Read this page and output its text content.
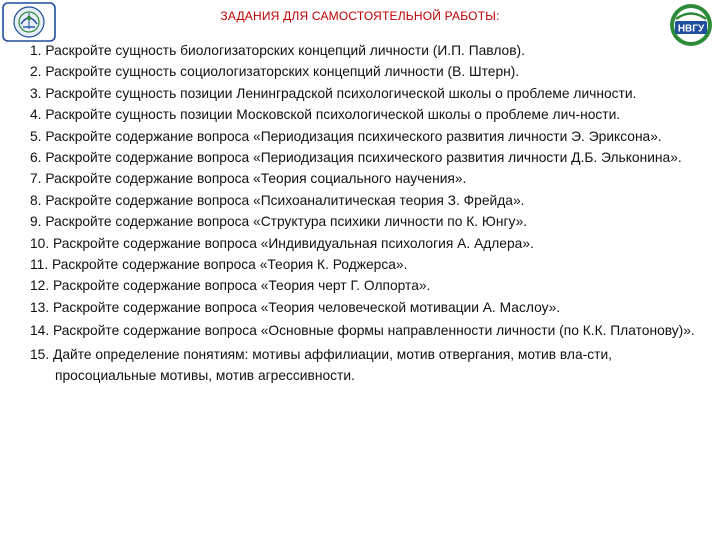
ЗАДАНИЯ ДЛЯ САМОСТОЯТЕЛЬНОЙ РАБОТЫ:
НВГУ

1. Раскройте сущность биологизаторских концепций личности (И.П. Павлов).

2. Раскройте сущность социологизаторских концепций личности (В. Штерн).

3. Раскройте сущность позиции Ленинградской психологической школы о проблеме личности.

4. Раскройте сущность позиции Московской психологической школы о проблеме лич-ности.

5. Раскройте содержание вопроса «Периодизация психического развития личности Э. Эриксона».

6. Раскройте содержание вопроса «Периодизация психического развития личности Д.Б. Эльконина».

7. Раскройте содержание вопроса «Теория социального научения».

8. Раскройте содержание вопроса «Психоаналитическая теория З. Фрейда».

9. Раскройте содержание вопроса «Структура психики личности по К. Юнгу».

10. Раскройте содержание вопроса «Индивидуальная психология А. Адлера».

11. Раскройте содержание вопроса «Теория К. Роджерса».

12. Раскройте содержание вопроса «Теория черт Г. Олпорта».

13. Раскройте содержание вопроса «Теория человеческой мотивации А. Маслоу».

14. Раскройте содержание вопроса «Основные формы направленности личности (по К.К. Платонову)».

15. Дайте определение понятиям: мотивы аффилиации, мотив отвергания, мотив вла-сти, просоциальные мотивы, мотив агрессивности.
